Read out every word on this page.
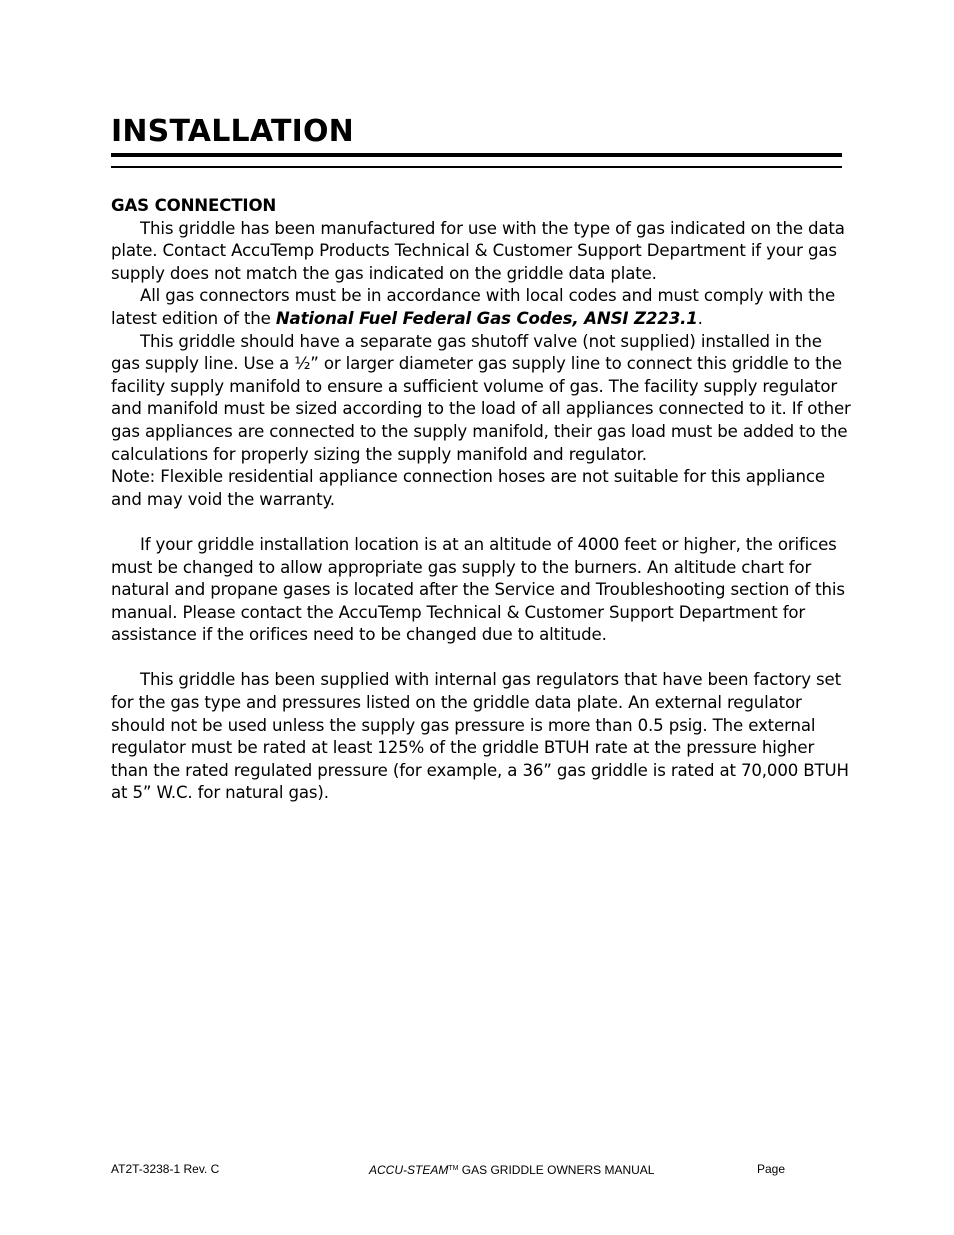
INSTALLATION

GAS CONNECTION

This griddle has been manufactured for use with the type of gas indicated on the data plate. Contact AccuTemp Products Technical & Customer Support Department if your gas supply does not match the gas indicated on the griddle data plate.

All gas connectors must be in accordance with local codes and must comply with the latest edition of the National Fuel Federal Gas Codes, ANSI Z223.1.

This griddle should have a separate gas shutoff valve (not supplied) installed in the gas supply line. Use a ½” or larger diameter gas supply line to connect this griddle to the facility supply manifold to ensure a sufficient volume of gas. The facility supply regulator and manifold must be sized according to the load of all appliances connected to it. If other gas appliances are connected to the supply manifold, their gas load must be added to the calculations for properly sizing the supply manifold and regulator.

Note: Flexible residential appliance connection hoses are not suitable for this appliance and may void the warranty.

If your griddle installation location is at an altitude of 4000 feet or higher, the orifices must be changed to allow appropriate gas supply to the burners. An altitude chart for natural and propane gases is located after the Service and Troubleshooting section of this manual. Please contact the AccuTemp Technical & Customer Support Department for assistance if the orifices need to be changed due to altitude.

This griddle has been supplied with internal gas regulators that have been factory set for the gas type and pressures listed on the griddle data plate. An external regulator should not be used unless the supply gas pressure is more than 0.5 psig. The external regulator must be rated at least 125% of the griddle BTUH rate at the pressure higher than the rated regulated pressure (for example, a 36” gas griddle is rated at 70,000 BTUH at 5” W.C. for natural gas).

AT2T-3238-1 Rev. C	ACCU-STEAM™ GAS GRIDDLE OWNERS MANUAL	Page
